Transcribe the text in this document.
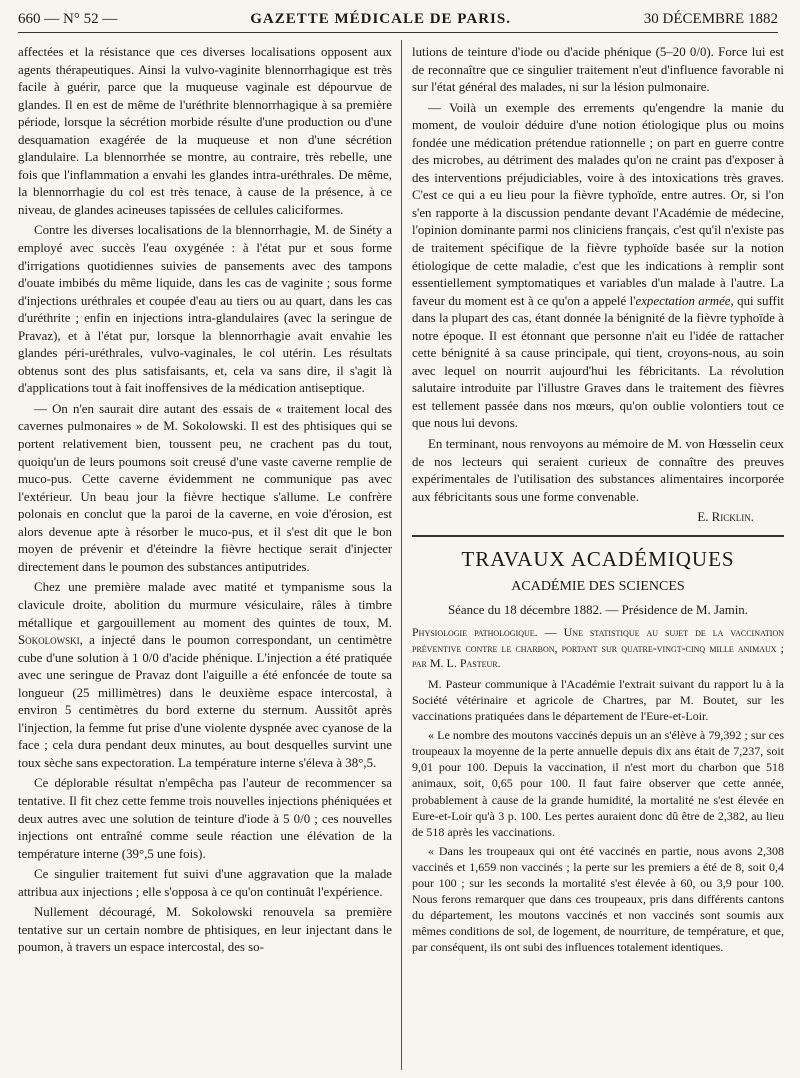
660 — N° 52 —	GAZETTE MÉDICALE DE PARIS.	30 DÉCEMBRE 1882

affectées et la résistance que ces diverses localisations opposent aux agents thérapeutiques. Ainsi la vulvo-vaginite blennorrhagique est très facile à guérir, parce que la muqueuse vaginale est dépourvue de glandes. Il en est de même de l'uréthrite blennorrhagique à sa première période, lorsque la sécrétion morbide résulte d'une production ou d'une desquamation exagérée de la muqueuse et non d'une sécrétion glandulaire. La blennorrhée se montre, au contraire, très rebelle, une fois que l'inflammation a envahi les glandes intra-uréthrales. De même, la blennorrhagie du col est très tenace, à cause de la présence, à ce niveau, de glandes acineuses tapissées de cellules caliciformes.

Contre les diverses localisations de la blennorrhagie, M. de Sinéty a employé avec succès l'eau oxygénée : à l'état pur et sous forme d'irrigations quotidiennes suivies de pansements avec des tampons d'ouate imbibés du même liquide, dans les cas de vaginite ; sous forme d'injections uréthrales et coupée d'eau au tiers ou au quart, dans les cas d'uréthrite ; enfin en injections intra-glandulaires (avec la seringue de Pravaz), et à l'état pur, lorsque la blennorrhagie avait envahie les glandes péri-uréthrales, vulvo-vaginales, le col utérin. Les résultats obtenus sont des plus satisfaisants, et, cela va sans dire, il s'agit là d'applications tout à fait inoffensives de la médication antiseptique.

— On n'en saurait dire autant des essais de « traitement local des cavernes pulmonaires » de M. Sokolowski. Il est des phtisiques qui se portent relativement bien, toussent peu, ne crachent pas du tout, quoiqu'un de leurs poumons soit creusé d'une vaste caverne remplie de muco-pus. Cette caverne évidemment ne communique pas avec l'extérieur. Un beau jour la fièvre hectique s'allume. Le confrère polonais en conclut que la paroi de la caverne, en voie d'érosion, est alors devenue apte à résorber le muco-pus, et il s'est dit que le bon moyen de prévenir et d'éteindre la fièvre hectique serait d'injecter directement dans le poumon des substances antiputrides.

Chez une première malade avec matité et tympanisme sous la clavicule droite, abolition du murmure vésiculaire, râles à timbre métallique et gargouillement au moment des quintes de toux, M. Sokolowski, a injecté dans le poumon correspondant, un centimètre cube d'une solution à 1 0/0 d'acide phénique. L'injection a été pratiquée avec une seringue de Pravaz dont l'aiguille a été enfoncée de toute sa longueur (25 millimètres) dans le deuxième espace intercostal, à environ 5 centimètres du bord externe du sternum. Aussitôt après l'injection, la femme fut prise d'une violente dyspnée avec cyanose de la face ; cela dura pendant deux minutes, au bout desquelles survint une toux sèche sans expectoration. La température interne s'éleva à 38°,5.

Ce déplorable résultat n'empêcha pas l'auteur de recommencer sa tentative. Il fit chez cette femme trois nouvelles injections phéniquées et deux autres avec une solution de teinture d'iode à 5 0/0 ; ces nouvelles injections ont entraîné comme seule réaction une élévation de la température interne (39°,5 une fois).

Ce singulier traitement fut suivi d'une aggravation que la malade attribua aux injections ; elle s'opposa à ce qu'on continuât l'expérience.

Nullement découragé, M. Sokolowski renouvela sa première tentative sur un certain nombre de phtisiques, en leur injectant dans le poumon, à travers un espace intercostal, des so-

lutions de teinture d'iode ou d'acide phénique (5–20 0/0). Force lui est de reconnaître que ce singulier traitement n'eut d'influence favorable ni sur l'état général des malades, ni sur la lésion pulmonaire.

— Voilà un exemple des errements qu'engendre la manie du moment, de vouloir déduire d'une notion étiologique plus ou moins fondée une médication prétendue rationnelle ; on part en guerre contre des microbes, au détriment des malades qu'on ne craint pas d'exposer à des interventions préjudiciables, voire à des intoxications très graves. C'est ce qui a eu lieu pour la fièvre typhoïde, entre autres. Or, si l'on s'en rapporte à la discussion pendante devant l'Académie de médecine, l'opinion dominante parmi nos cliniciens français, c'est qu'il n'existe pas de traitement spécifique de la fièvre typhoïde basée sur la notion étiologique de cette maladie, c'est que les indications à remplir sont essentiellement symptomatiques et variables d'un malade à l'autre. La faveur du moment est à ce qu'on a appelé l'expectation armée, qui suffit dans la plupart des cas, étant donnée la bénignité de la fièvre typhoïde à notre époque. Il est étonnant que personne n'ait eu l'idée de rattacher cette bénignité à sa cause principale, qui tient, croyons-nous, au soin avec lequel on nourrit aujourd'hui les fébricitants. La révolution salutaire introduite par l'illustre Graves dans le traitement des fièvres est tellement passée dans nos mœurs, qu'on oublie volontiers tout ce que nous lui devons.

En terminant, nous renvoyons au mémoire de M. von Hœsselin ceux de nos lecteurs qui seraient curieux de connaître des preuves expérimentales de l'utilisation des substances alimentaires incorporée aux fébricitants sous une forme convenable.

E. Ricklin.
TRAVAUX ACADÉMIQUES
ACADÉMIE DES SCIENCES
Séance du 18 décembre 1882. — Présidence de M. Jamin.

Physiologie pathologique. — Une statistique au sujet de la vaccination préventive contre le charbon, portant sur quatre-vingt-cinq mille animaux ; par M. L. Pasteur.

M. Pasteur communique à l'Académie l'extrait suivant du rapport lu à la Société vétérinaire et agricole de Chartres, par M. Boutet, sur les vaccinations pratiquées dans le département de l'Eure-et-Loir.

« Le nombre des moutons vaccinés depuis un an s'élève à 79,392 ; sur ces troupeaux la moyenne de la perte annuelle depuis dix ans était de 7,237, soit 9,01 pour 100. Depuis la vaccination, il n'est mort du charbon que 518 animaux, soit, 0,65 pour 100. Il faut faire observer que cette année, probablement à cause de la grande humidité, la mortalité ne s'est élevée en Eure-et-Loir qu'à 3 p. 100. Les pertes auraient donc dû être de 2,382, au lieu de 518 après les vaccinations.

« Dans les troupeaux qui ont été vaccinés en partie, nous avons 2,308 vaccinés et 1,659 non vaccinés ; la perte sur les premiers a été de 8, soit 0,4 pour 100 ; sur les seconds la mortalité s'est élevée à 60, ou 3,9 pour 100. Nous ferons remarquer que dans ces troupeaux, pris dans différents cantons du département, les moutons vaccinés et non vaccinés sont soumis aux mêmes conditions de sol, de logement, de nourriture, de température, et que, par conséquent, ils ont subi des influences totalement identiques.
